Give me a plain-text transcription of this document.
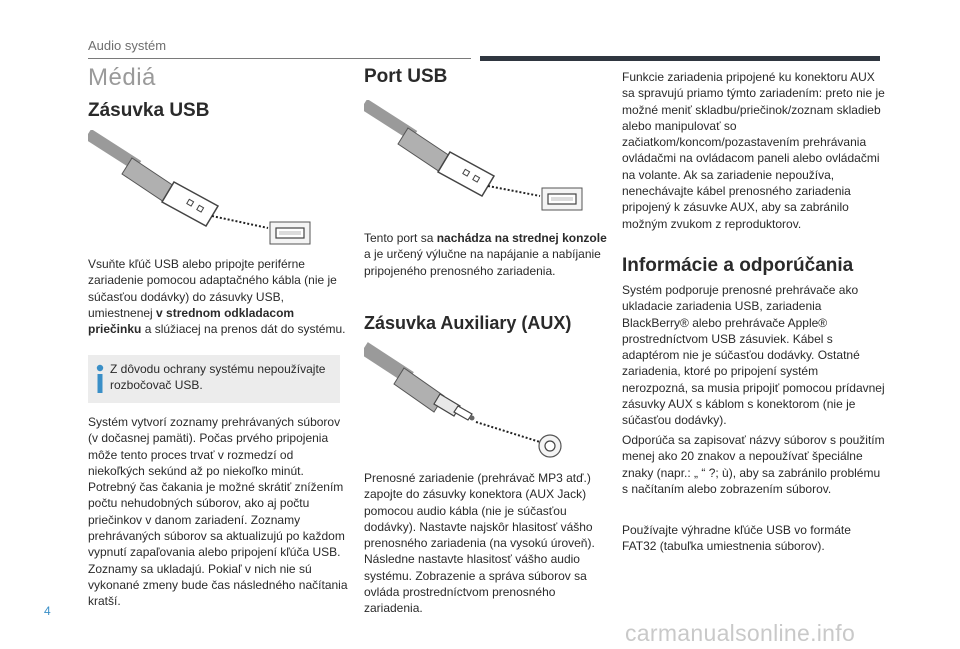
Audio systém
Médiá
Zásuvka USB
Vsuňte kľúč USB alebo pripojte periférne zariadenie pomocou adaptačného kábla (nie je súčasťou dodávky) do zásuvky USB, umiestnenej v strednom odkladacom priečinku a slúžiacej na prenos dát do systému.
Z dôvodu ochrany systému nepoužívajte rozbočovač USB.
Systém vytvorí zoznamy prehrávaných súborov (v dočasnej pamäti). Počas prvého pripojenia môže tento proces trvať v rozmedzí od niekoľkých sekúnd až po niekoľko minút. Potrebný čas čakania je možné skrátiť znížením počtu nehudobných súborov, ako aj počtu priečinkov v danom zariadení. Zoznamy prehrávaných súborov sa aktualizujú po každom vypnutí zapaľovania alebo pripojení kľúča USB. Zoznamy sa ukladajú. Pokiaľ v nich nie sú vykonané zmeny bude čas následného načítania kratší.
Port USB
Tento port sa nachádza na strednej konzole a je určený výlučne na napájanie a nabíjanie pripojeného prenosného zariadenia.
Zásuvka Auxiliary (AUX)
Prenosné zariadenie (prehrávač MP3 atď.) zapojte do zásuvky konektora (AUX Jack) pomocou audio kábla (nie je súčasťou dodávky). Nastavte najskôr hlasitosť vášho prenosného zariadenia (na vysokú úroveň). Následne nastavte hlasitosť vášho audio systému. Zobrazenie a správa súborov sa ovláda prostredníctvom prenosného zariadenia.
Funkcie zariadenia pripojené ku konektoru AUX sa spravujú priamo týmto zariadením: preto nie je možné meniť skladbu/priečinok/zoznam skladieb alebo manipulovať so začiatkom/koncom/pozastavením prehrávania ovládačmi na ovládacom paneli alebo ovládačmi na volante. Ak sa zariadenie nepoužíva, nenechávajte kábel prenosného zariadenia pripojený k zásuvke AUX, aby sa zabránilo možným zvukom z reproduktorov.
Informácie a odporúčania
Systém podporuje prenosné prehrávače ako ukladacie zariadenia USB, zariadenia BlackBerry® alebo prehrávače Apple® prostredníctvom USB zásuviek. Kábel s adaptérom nie je súčasťou dodávky. Ostatné zariadenia, ktoré po pripojení systém nerozpozná, sa musia pripojiť pomocou prídavnej zásuvky AUX s káblom s konektorom (nie je súčasťou dodávky).
Odporúča sa zapisovať názvy súborov s použitím menej ako 20 znakov a nepoužívať špeciálne znaky (napr.: „ “ ?; ù), aby sa zabránilo problému s načítaním alebo zobrazením súborov.
Používajte výhradne kľúče USB vo formáte FAT32 (tabuľka umiestnenia súborov).
4
carmanualsonline.info
